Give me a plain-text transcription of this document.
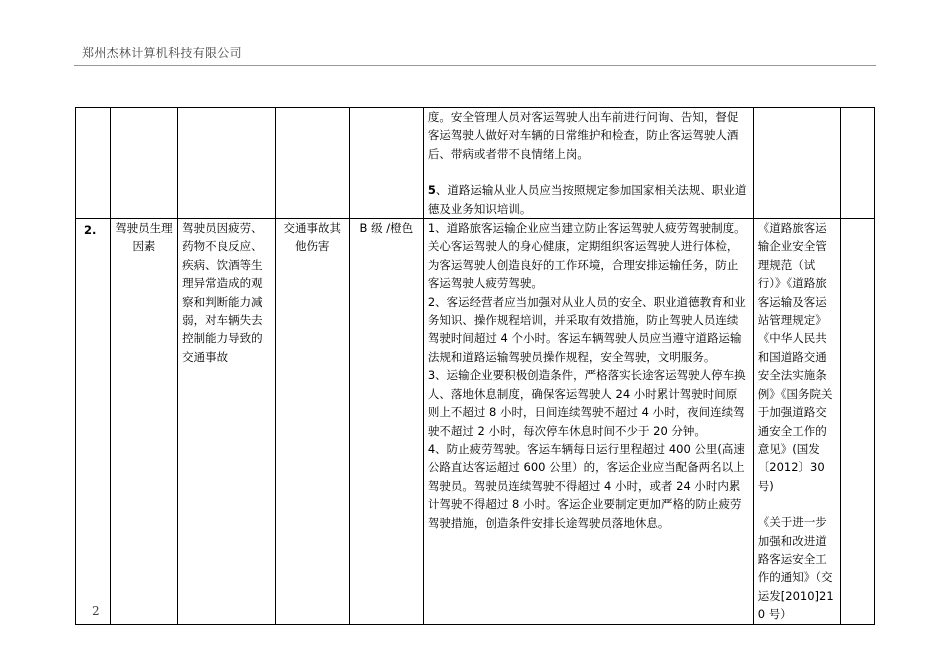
郑州杰林计算机科技有限公司

					度。安全管理人员对客运驾驶人出车前进行问询、告知，督促客运驾驶人做好对车辆的日常维护和检查，防止客运驾驶人酒后、带病或者带不良情绪上岗。
5、道路运输从业人员应当按照规定参加国家相关法规、职业道德及业务知识培训。		

2.	驾驶员生理因素	驾驶员因疲劳、药物不良反应、疾病、饮酒等生理异常造成的观察和判断能力减弱，对车辆失去控制能力导致的交通事故	交通事故其他伤害	B 级 /橙色	1、道路旅客运输企业应当建立防止客运驾驶人疲劳驾驶制度。关心客运驾驶人的身心健康，定期组织客运驾驶人进行体检，为客运驾驶人创造良好的工作环境，合理安排运输任务，防止客运驾驶人疲劳驾驶。
2、客运经营者应当加强对从业人员的安全、职业道德教育和业务知识、操作规程培训，并采取有效措施，防止驾驶人员连续驾驶时间超过 4 个小时。客运车辆驾驶人员应当遵守道路运输法规和道路运输驾驶员操作规程，安全驾驶，文明服务。
3、运输企业要积极创造条件，严格落实长途客运驾驶人停车换人、落地休息制度，确保客运驾驶人 24 小时累计驾驶时间原则上不超过 8 小时，日间连续驾驶不超过 4 小时，夜间连续驾驶不超过 2 小时，每次停车休息时间不少于 20 分钟。
4、防止疲劳驾驶。客运车辆每日运行里程超过 400 公里(高速公路直达客运超过 600 公里）的，客运企业应当配备两名以上驾驶员。驾驶员连续驾驶不得超过 4 小时，或者 24 小时内累计驾驶不得超过 8 小时。客运企业要制定更加严格的防止疲劳驾驶措施，创造条件安排长途驾驶员落地休息。	《道路旅客运输企业安全管理规范（试行）》《道路旅客运输及客运站管理规定》《中华人民共和国道路交通安全法实施条例》《国务院关于加强道路交通安全工作的意见》(国发〔2012〕30号)
《关于进一步加强和改进道路客运安全工作的通知》（交运发[2010]210 号）	

2
